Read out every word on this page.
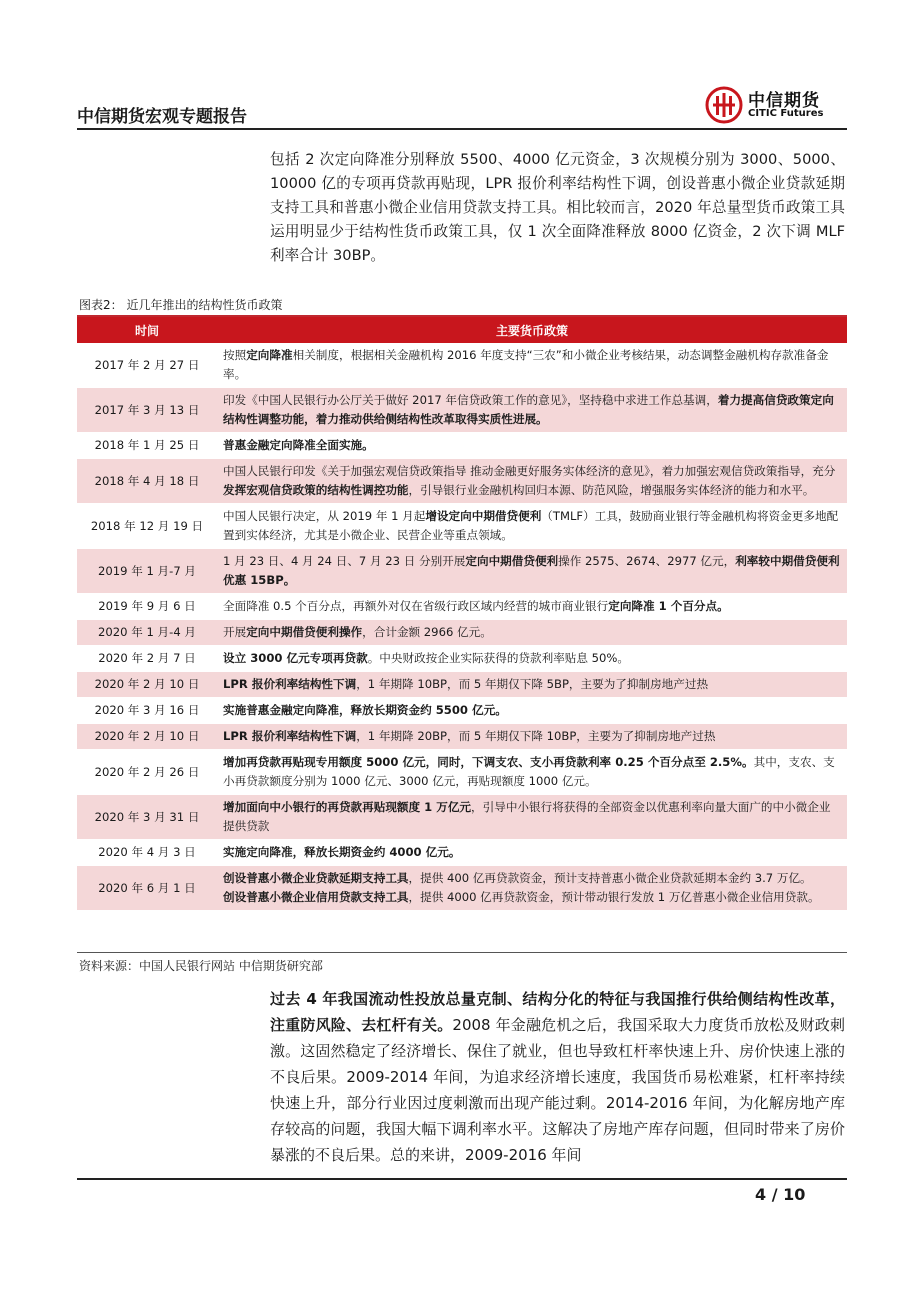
中信期货宏观专题报告
中信期货
CITIC Futures

包括 2 次定向降准分别释放 5500、4000 亿元资金，3 次规模分别为 3000、5000、10000 亿的专项再贷款再贴现，LPR 报价利率结构性下调，创设普惠小微企业贷款延期支持工具和普惠小微企业信用贷款支持工具。相比较而言，2020 年总量型货币政策工具运用明显少于结构性货币政策工具，仅 1 次全面降准释放 8000 亿资金，2 次下调 MLF 利率合计 30BP。

图表2： 近几年推出的结构性货币政策
时间	主要货币政策
2017 年 2 月 27 日	按照定向降准相关制度，根据相关金融机构 2016 年度支持“三农”和小微企业考核结果，动态调整金融机构存款准备金率。
2017 年 3 月 13 日	印发《中国人民银行办公厅关于做好 2017 年信贷政策工作的意见》，坚持稳中求进工作总基调，着力提高信贷政策定向结构性调整功能，着力推动供给侧结构性改革取得实质性进展。
2018 年 1 月 25 日	普惠金融定向降准全面实施。
2018 年 4 月 18 日	中国人民银行印发《关于加强宏观信贷政策指导 推动金融更好服务实体经济的意见》，着力加强宏观信贷政策指导，充分发挥宏观信贷政策的结构性调控功能，引导银行业金融机构回归本源、防范风险，增强服务实体经济的能力和水平。
2018 年 12 月 19 日	中国人民银行决定，从 2019 年 1 月起增设定向中期借贷便利（TMLF）工具，鼓励商业银行等金融机构将资金更多地配置到实体经济，尤其是小微企业、民营企业等重点领域。
2019 年 1 月-7 月	1 月 23 日、4 月 24 日、7 月 23 日 分别开展定向中期借贷便利操作 2575、2674、2977 亿元，利率较中期借贷便利优惠 15BP。
2019 年 9 月 6 日	全面降准 0.5 个百分点，再额外对仅在省级行政区域内经营的城市商业银行定向降准 1 个百分点。
2020 年 1 月-4 月	开展定向中期借贷便利操作，合计金额 2966 亿元。
2020 年 2 月 7 日	设立 3000 亿元专项再贷款。中央财政按企业实际获得的贷款利率贴息 50%。
2020 年 2 月 10 日	LPR 报价利率结构性下调，1 年期降 10BP，而 5 年期仅下降 5BP，主要为了抑制房地产过热
2020 年 3 月 16 日	实施普惠金融定向降准，释放长期资金约 5500 亿元。
2020 年 2 月 10 日	LPR 报价利率结构性下调，1 年期降 20BP，而 5 年期仅下降 10BP，主要为了抑制房地产过热
2020 年 2 月 26 日	增加再贷款再贴现专用额度 5000 亿元，同时，下调支农、支小再贷款利率 0.25 个百分点至 2.5%。其中，支农、支小再贷款额度分别为 1000 亿元、3000 亿元，再贴现额度 1000 亿元。
2020 年 3 月 31 日	增加面向中小银行的再贷款再贴现额度 1 万亿元，引导中小银行将获得的全部资金以优惠利率向量大面广的中小微企业提供贷款
2020 年 4 月 3 日	实施定向降准，释放长期资金约 4000 亿元。
2020 年 6 月 1 日	创设普惠小微企业贷款延期支持工具，提供 400 亿再贷款资金，预计支持普惠小微企业贷款延期本金约 3.7 万亿。
创设普惠小微企业信用贷款支持工具，提供 4000 亿再贷款资金，预计带动银行发放 1 万亿普惠小微企业信用贷款。
资料来源：中国人民银行网站 中信期货研究部

过去 4 年我国流动性投放总量克制、结构分化的特征与我国推行供给侧结构性改革，注重防风险、去杠杆有关。2008 年金融危机之后，我国采取大力度货币放松及财政刺激。这固然稳定了经济增长、保住了就业，但也导致杠杆率快速上升、房价快速上涨的不良后果。2009-2014 年间，为追求经济增长速度，我国货币易松难紧，杠杆率持续快速上升，部分行业因过度刺激而出现产能过剩。2014-2016 年间，为化解房地产库存较高的问题，我国大幅下调利率水平。这解决了房地产库存问题，但同时带来了房价暴涨的不良后果。总的来讲，2009-2016 年间

4 / 10
